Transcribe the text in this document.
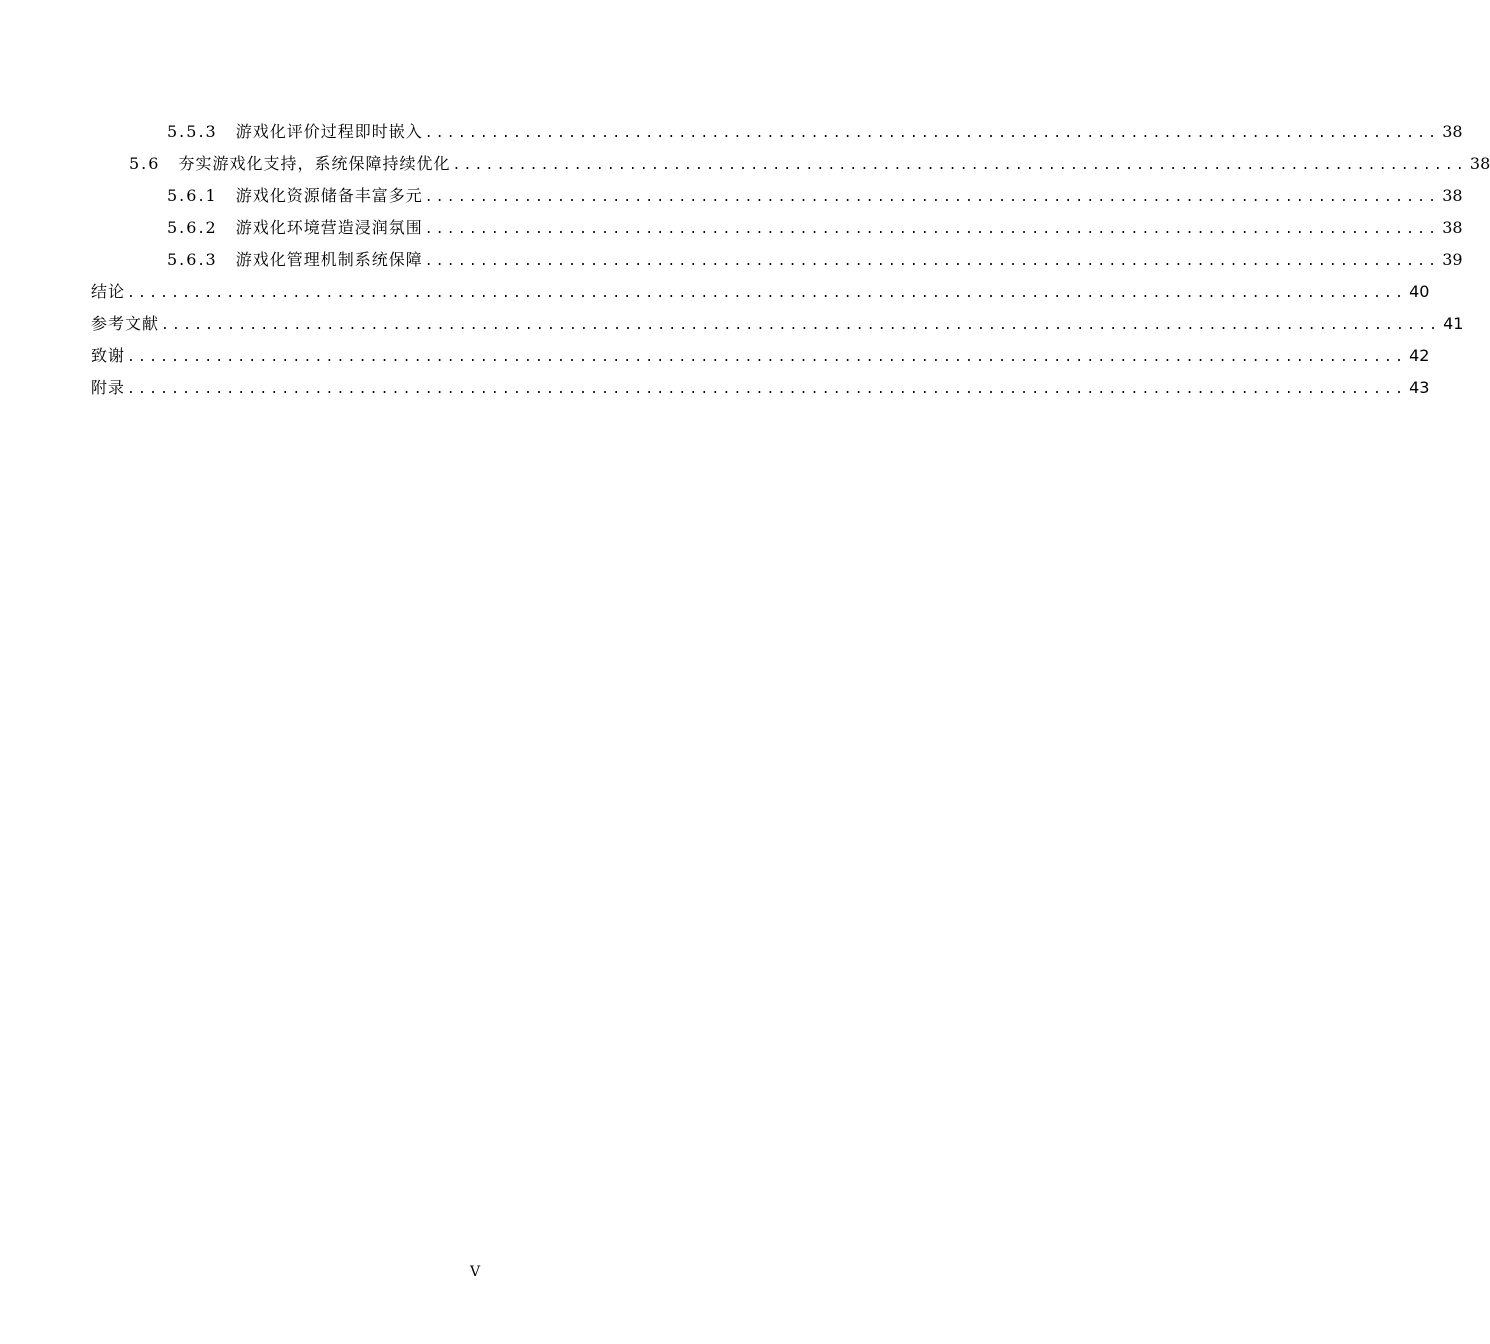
5.5.3 游戏化评价过程即时嵌入 ............................................................................................ 38
5.6 夯实游戏化支持，系统保障持续优化 ............................................................................................ 38
5.6.1 游戏化资源储备丰富多元 ............................................................................................ 38
5.6.2 游戏化环境营造浸润氛围 ............................................................................................ 38
5.6.3 游戏化管理机制系统保障 ............................................................................................ 39
结论 .................................................................................................................... 40
参考文献 .................................................................................................................... 41
致谢 .................................................................................................................... 42
附录 .................................................................................................................... 43
V
